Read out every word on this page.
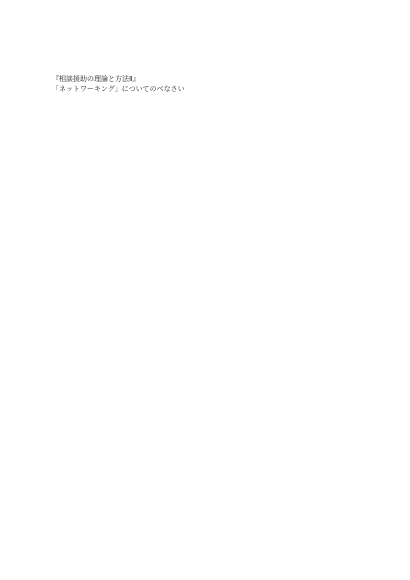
『相談援助の理論と方法Ⅱ』
「ネットワーキング」についてのべなさい
